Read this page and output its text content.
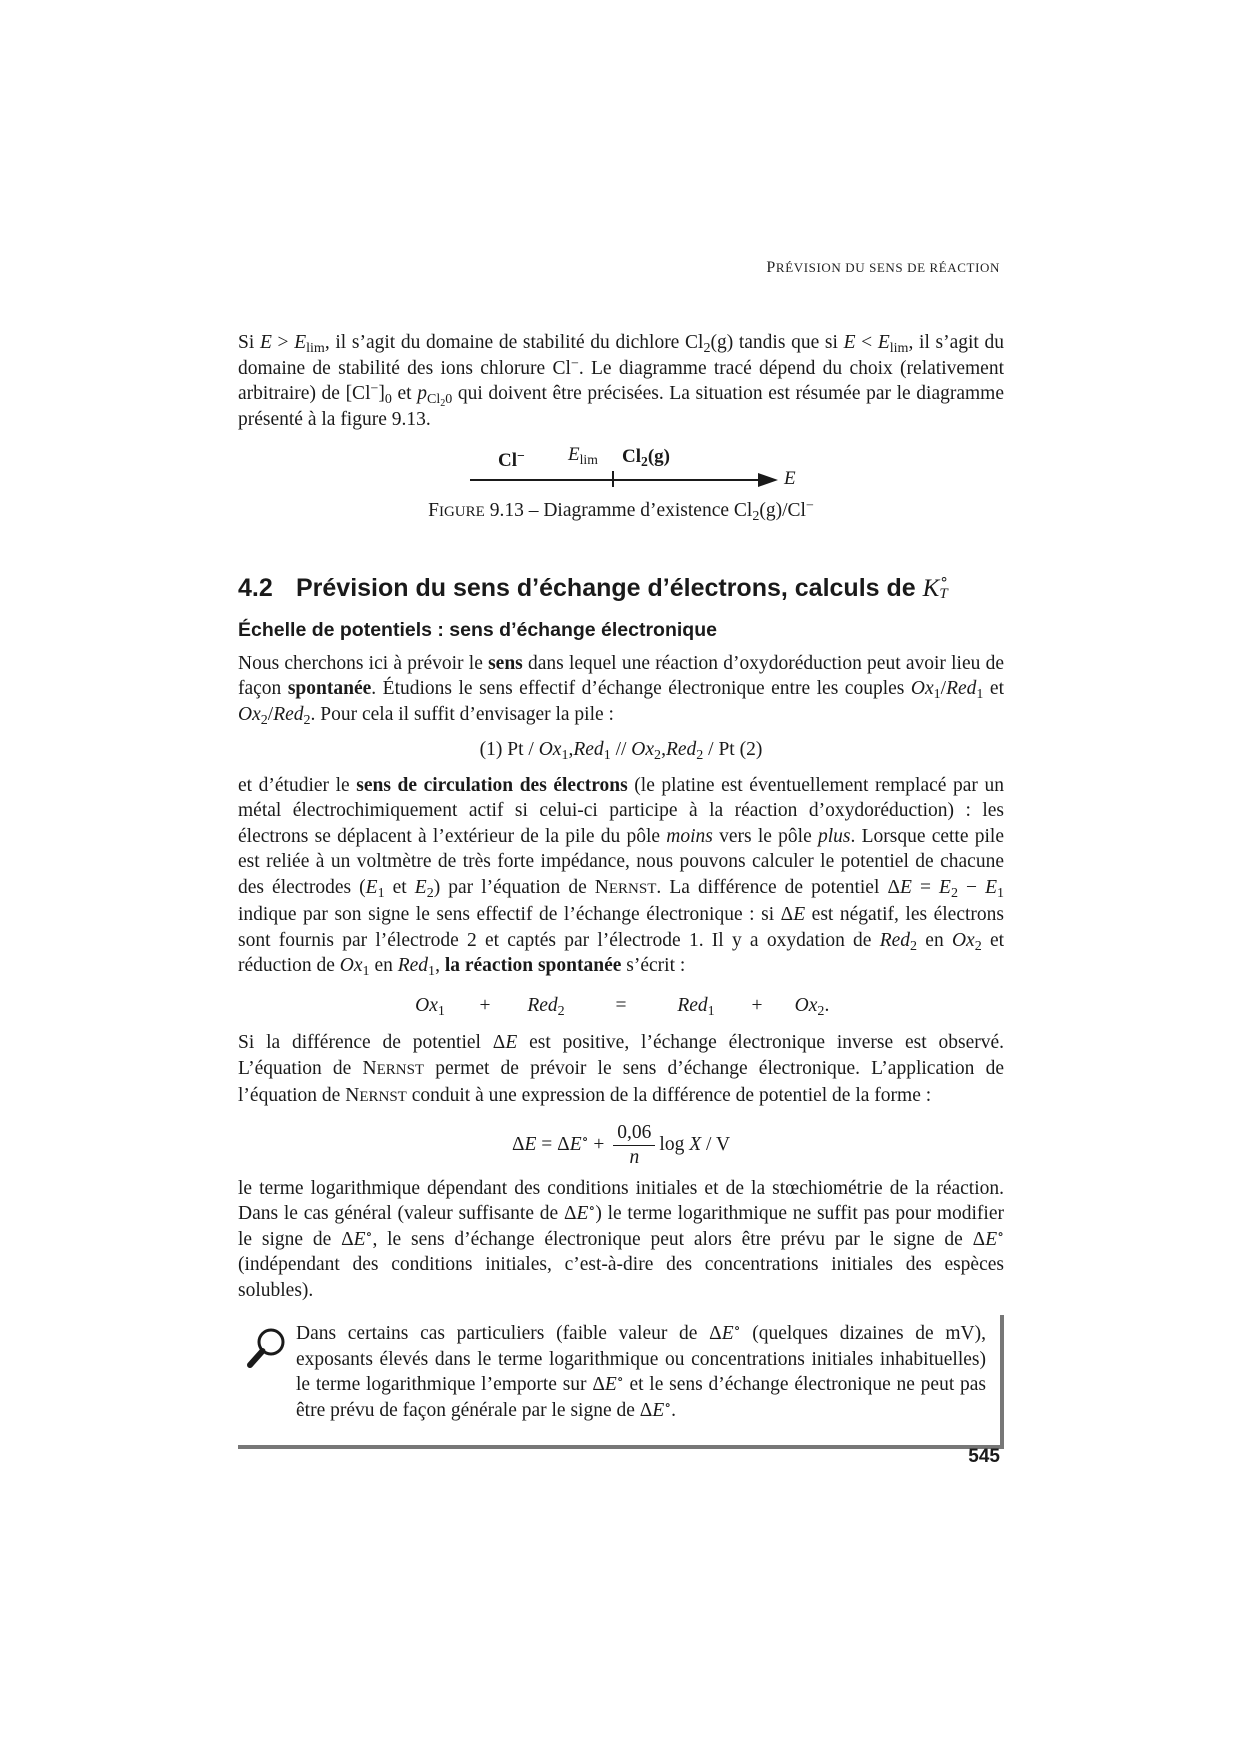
PRÉVISION DU SENS DE RÉACTION

Si $E > E_{lim}$, il s’agit du domaine de stabilité du dichlore $Cl_2(g)$ tandis que si $E < E_{lim}$, il s’agit du domaine de stabilité des ions chlorure Cl−. Le diagramme tracé dépend du choix (relativement arbitraire) de $[Cl^-]_0$ et $p_{Cl_20}$ qui doivent être précisées. La situation est résumée par le diagramme présenté à la figure 9.13.

Cl− $E_{lim}$ $Cl_2(g)$
E
FIGURE 9.13 – Diagramme d’existence $Cl_2(g)/Cl^-$
4.2 Prévision du sens d’échange d’électrons, calculs de K ∘
T
Échelle de potentiels : sens d’échange électronique

Nous cherchons ici à prévoir le sens dans lequel une réaction d’oxydoréduction peut avoir lieu de façon spontanée. Étudions le sens effectif d’échange électronique entre les couples $Ox_1/Red_1$ et $Ox_2/Red_2$. Pour cela il suffit d’envisager la pile :

(1) Pt / $Ox_1,Red_1 // Ox_2,Red_2$ / Pt (2)

et d’étudier le sens de circulation des électrons (le platine est éventuellement remplacé par un métal électrochimiquement actif si celui-ci participe à la réaction d’oxydoréduction) : les électrons se déplacent à l’extérieur de la pile du pôle moins vers le pôle plus. Lorsque cette pile est reliée à un voltmètre de très forte impédance, nous pouvons calculer le potentiel de chacune des électrodes ($E_1$ et $E_2$) par l’équation de NERNST. La différence de potentiel $\Delta E = E_2 - E_1$ indique par son signe le sens effectif de l’échange électronique : si ΔE est négatif, les électrons sont fournis par l’électrode 2 et captés par l’électrode 1. Il y a oxydation de Red$_2$ en $Ox_2$ et réduction de $Ox_1$ en Red$_1$, la réaction spontanée s’écrit :

$Ox_1$	+	Red$_2$	=	Red$_1$	+	$Ox_2$.

Si la différence de potentiel ΔE est positive, l’échange électronique inverse est observé. L’équation de NERNST permet de prévoir le sens d’échange électronique. L’application de l’équation de NERNST conduit à une expression de la différence de potentiel de la forme :

$\Delta E = \Delta E^\circ + \frac{0,06}{n}$ log X / V

le terme logarithmique dépendant des conditions initiales et de la stœchiométrie de la réaction. Dans le cas général (valeur suffisante de ΔE∘) le terme logarithmique ne suffit pas pour modifier le signe de ΔE∘, le sens d’échange électronique peut alors être prévu par le signe de ΔE∘ (indépendant des conditions initiales, c’est-à-dire des concentrations initiales des espèces solubles).

Dans certains cas particuliers (faible valeur de ΔE∘ (quelques dizaines de mV), exposants élevés dans le terme logarithmique ou concentrations initiales inhabituelles) le terme logarithmique l’emporte sur ΔE∘ et le sens d’échange électronique ne peut pas être prévu de façon générale par le signe de ΔE∘.

545
